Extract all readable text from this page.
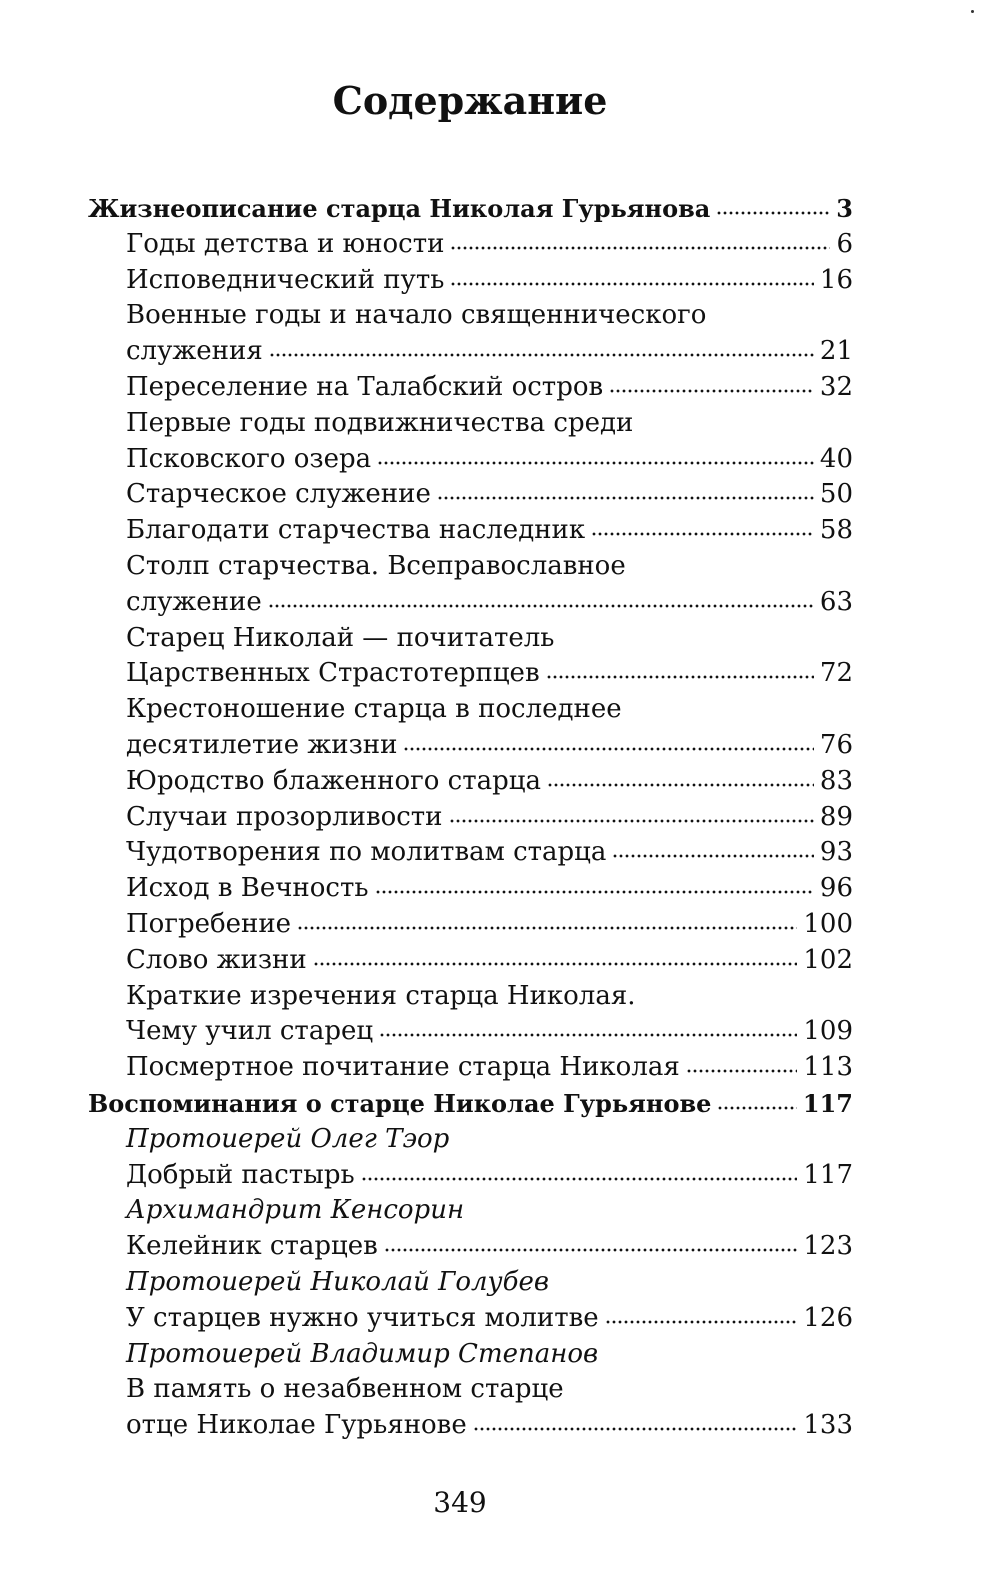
Содержание
Жизнеописание старца Николая Гурьянова	3
Годы детства и юности	6
Исповеднический путь	16
Военные годы и начало священнического
служения	21
Переселение на Талабский остров	32
Первые годы подвижничества среди
Псковского озера	40
Старческое служение	50
Благодати старчества наследник	58
Столп старчества. Всеправославное
служение	63
Старец Николай — почитатель
Царственных Страстотерпцев	72
Крестоношение старца в последнее
десятилетие жизни	76
Юродство блаженного старца	83
Случаи прозорливости	89
Чудотворения по молитвам старца	93
Исход в Вечность	96
Погребение	100
Слово жизни	102
Краткие изречения старца Николая.
Чему учил старец	109
Посмертное почитание старца Николая	113
Воспоминания о старце Николае Гурьянове	117
Протоиерей Олег Тэор
Добрый пастырь	117
Архимандрит Кенсорин
Келейник старцев	123
Протоиерей Николай Голубев
У старцев нужно учиться молитве	126
Протоиерей Владимир Степанов
В память о незабвенном старце
отце Николае Гурьянове	133
349
